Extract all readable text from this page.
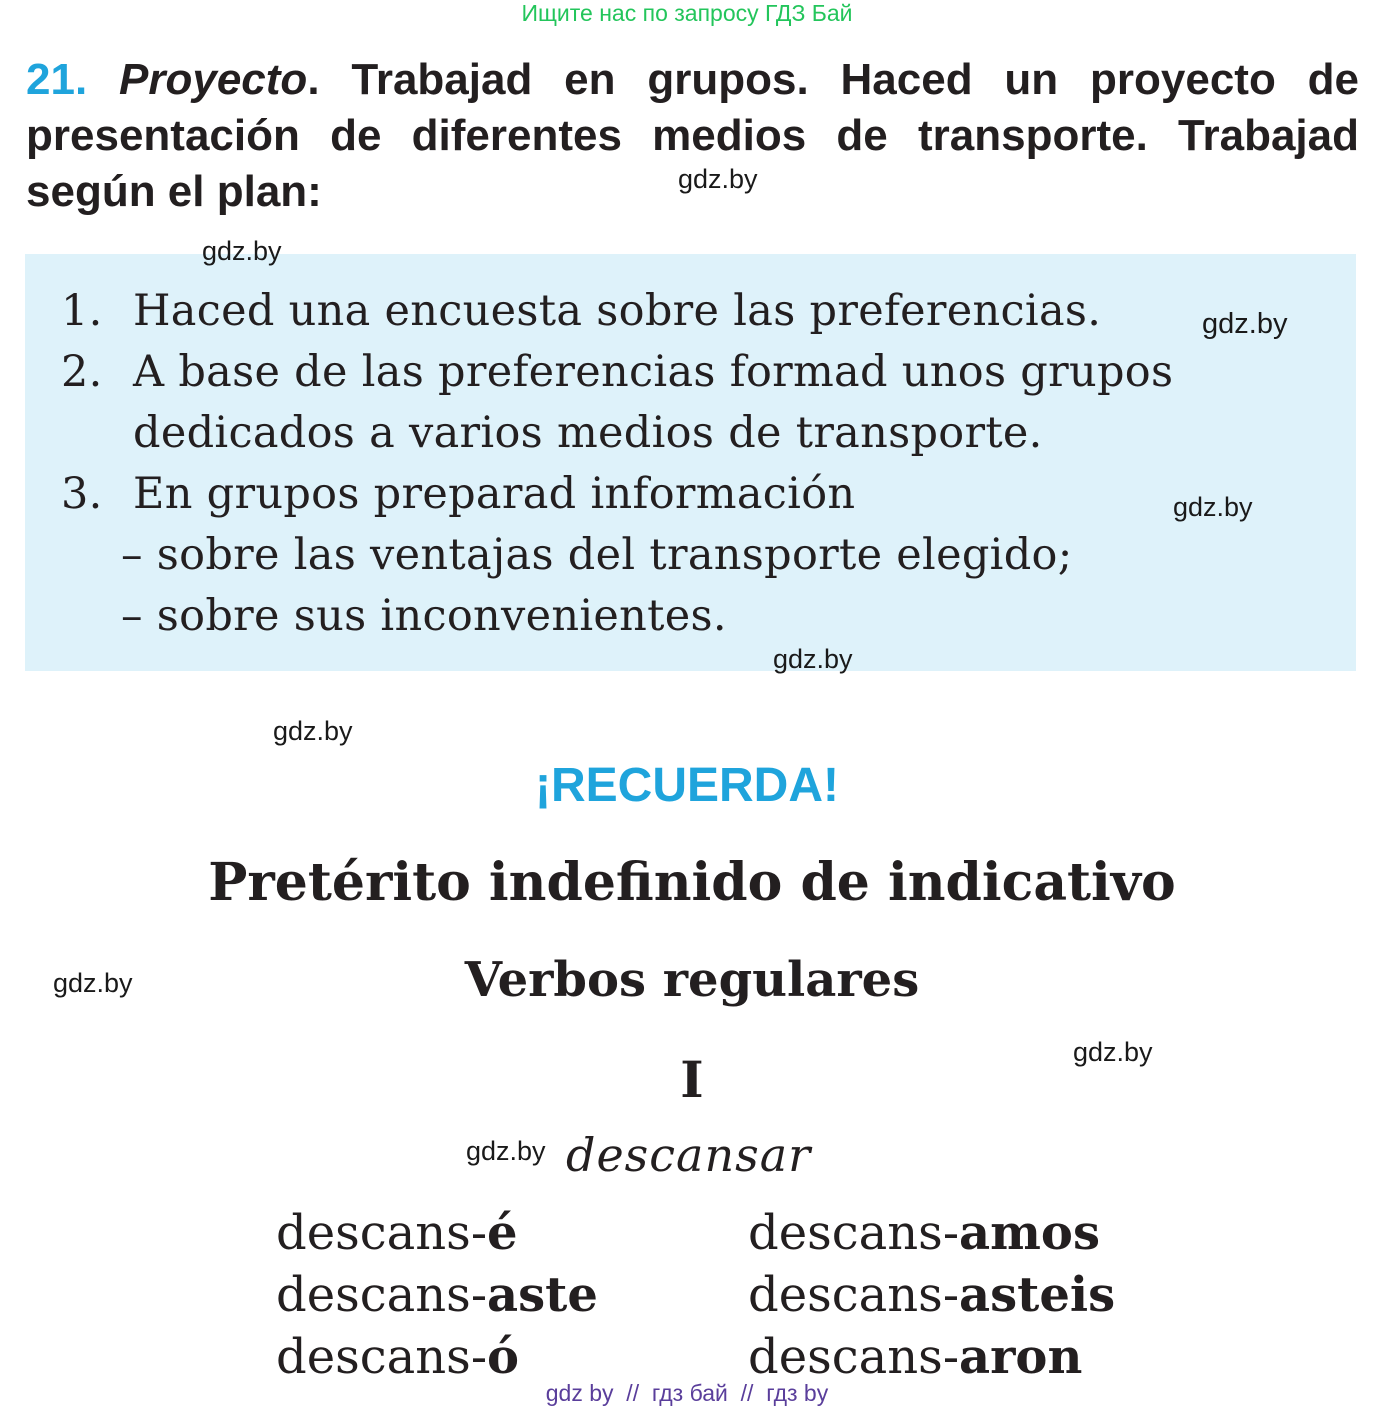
Ищите нас по запросу ГДЗ Бай
21. Proyecto. Trabajad en grupos. Haced un proyecto de presentación de diferentes medios de transporte. Trabajad según el plan:
1. Haced una encuesta sobre las preferencias.
2. A base de las preferencias formad unos grupos
dedicados a varios medios de transporte.
3. En grupos preparad información
– sobre las ventajas del transporte elegido;
– sobre sus inconvenientes.
¡RECUERDA!
Pretérito indefinido de indicativo
Verbos regulares
I
descansar
descans-é
descans-aste
descans-ó
descans-amos
descans-asteis
descans-aron
gdz.by
gdz.by
gdz.by
gdz.by
gdz.by
gdz.by
gdz.by
gdz.by
gdz.by
gdz by  //  гдз бай  //  гдз by
